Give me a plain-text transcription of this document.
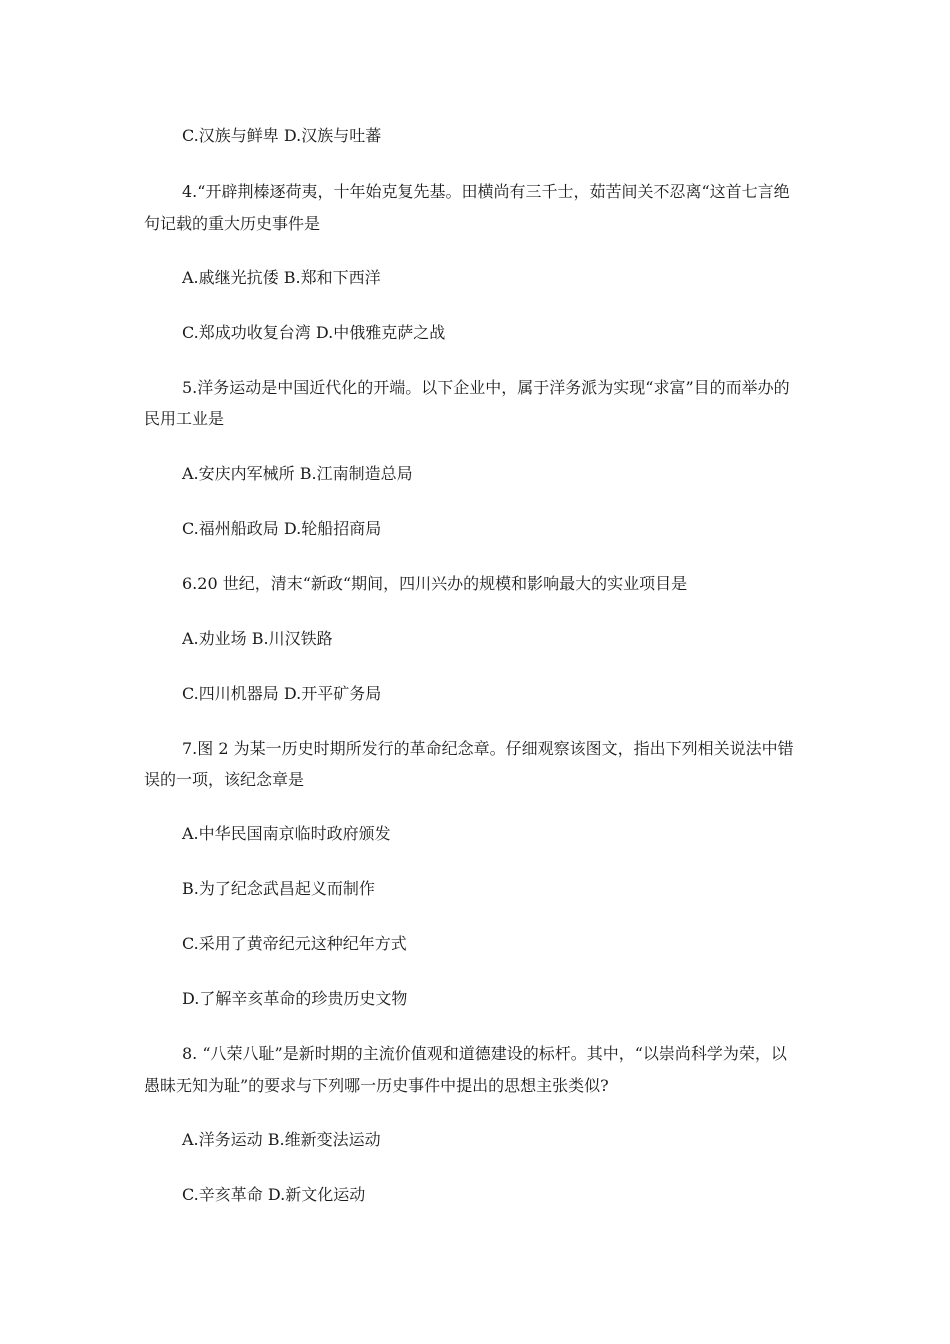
C.汉族与鲜卑 D.汉族与吐蕃
4.“开辟荆榛逐荷夷，十年始克复先基。田横尚有三千士，茹苦间关不忍离“这首七言绝
句记载的重大历史事件是
A.戚继光抗倭 B.郑和下西洋
C.郑成功收复台湾 D.中俄雅克萨之战
5.洋务运动是中国近代化的开端。以下企业中，属于洋务派为实现“求富”目的而举办的
民用工业是
A.安庆内军械所 B.江南制造总局
C.福州船政局 D.轮船招商局
6.20 世纪，清末“新政“期间，四川兴办的规模和影响最大的实业项目是
A.劝业场 B.川汉铁路
C.四川机器局 D.开平矿务局
7.图 2 为某一历史时期所发行的革命纪念章。仔细观察该图文，指出下列相关说法中错
误的一项，该纪念章是
A.中华民国南京临时政府颁发
B.为了纪念武昌起义而制作
C.采用了黄帝纪元这种纪年方式
D.了解辛亥革命的珍贵历史文物
8. “八荣八耻”是新时期的主流价值观和道德建设的标杆。其中，“以崇尚科学为荣，以
愚昧无知为耻”的要求与下列哪一历史事件中提出的思想主张类似?
A.洋务运动 B.维新变法运动
C.辛亥革命 D.新文化运动
